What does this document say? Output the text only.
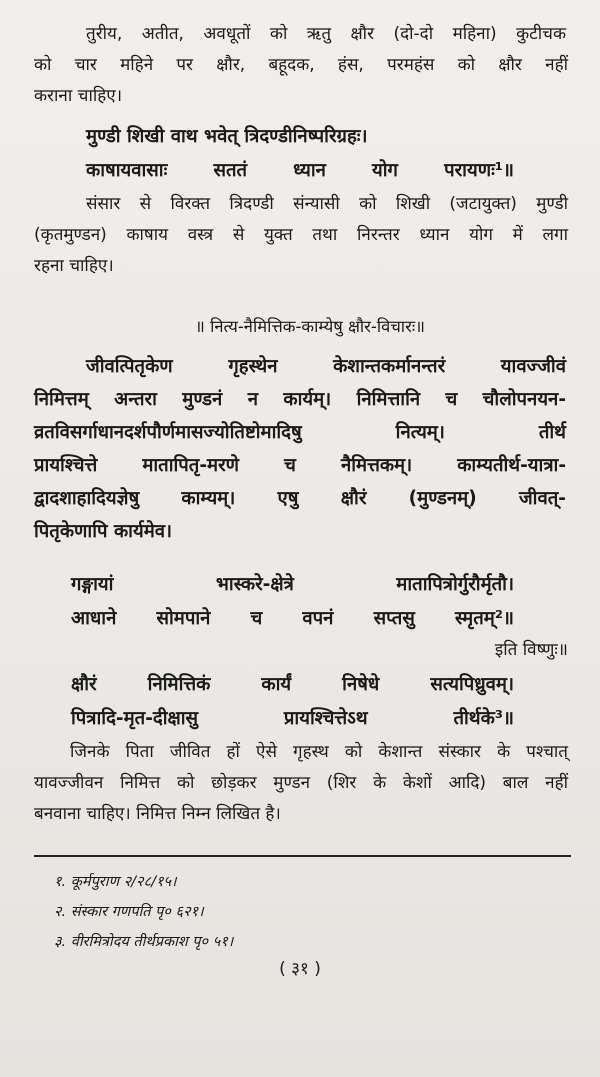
तुरीय, अतीत, अवधूतों को ऋतु क्षौर (दो-दो महिना) कुटीचक
को चार महिने पर क्षौर, बहूदक, हंस, परमहंस को क्षौर नहीं
कराना चाहिए।
मुण्डी शिखी वाथ भवेत् त्रिदण्डीनिष्परिग्रहः।
काषायवासाः सततं ध्यान योग परायणः¹॥
संसार से विरक्त त्रिदण्डी संन्यासी को शिखी (जटायुक्त) मुण्डी
(कृतमुण्डन) काषाय वस्त्र से युक्त तथा निरन्तर ध्यान योग में लगा
रहना चाहिए।
॥ नित्य-नैमित्तिक-काम्येषु क्षौर-विचारः॥
जीवत्पितृकेण गृहस्थेन केशान्तकर्मानन्तरं यावज्जीवं
निमित्तम् अन्तरा मुण्डनं न कार्यम्। निमित्तानि च चौलोपनयन-
व्रतविसर्गाधानदर्शपौर्णमासज्योतिष्टोमादिषु नित्यम्। तीर्थ
प्रायश्चित्ते मातापितृ-मरणे च नैमित्तकम्। काम्यतीर्थ-यात्रा-
द्वादशाहादियज्ञेषु काम्यम्। एषु क्षौरं (मुण्डनम्) जीवत्-
पितृकेणापि कार्यमेव।
गङ्गायां भास्करे-क्षेत्रे मातापित्रोर्गुरौर्मृतौ।
आधाने सोमपाने च वपनं सप्तसु स्मृतम्²॥
इति विष्णुः॥
क्षौरं निमित्तिकं कार्यं निषेधे सत्यपिध्रुवम्।
पित्रादि-मृत-दीक्षासु प्रायश्चित्तेऽथ तीर्थके³॥
जिनके पिता जीवित हों ऐसे गृहस्थ को केशान्त संस्कार के पश्चात्
यावज्जीवन निमित्त को छोड़कर मुण्डन (शिर के केशों आदि) बाल नहीं
बनवाना चाहिए। निमित्त निम्न लिखित है।
१. कूर्मपुराण २/२८/१५।
२. संस्कार गणपति पृ० ६२१।
३. वीरमित्रोदय तीर्थप्रकाश पृ० ५१।
( ३१ )
